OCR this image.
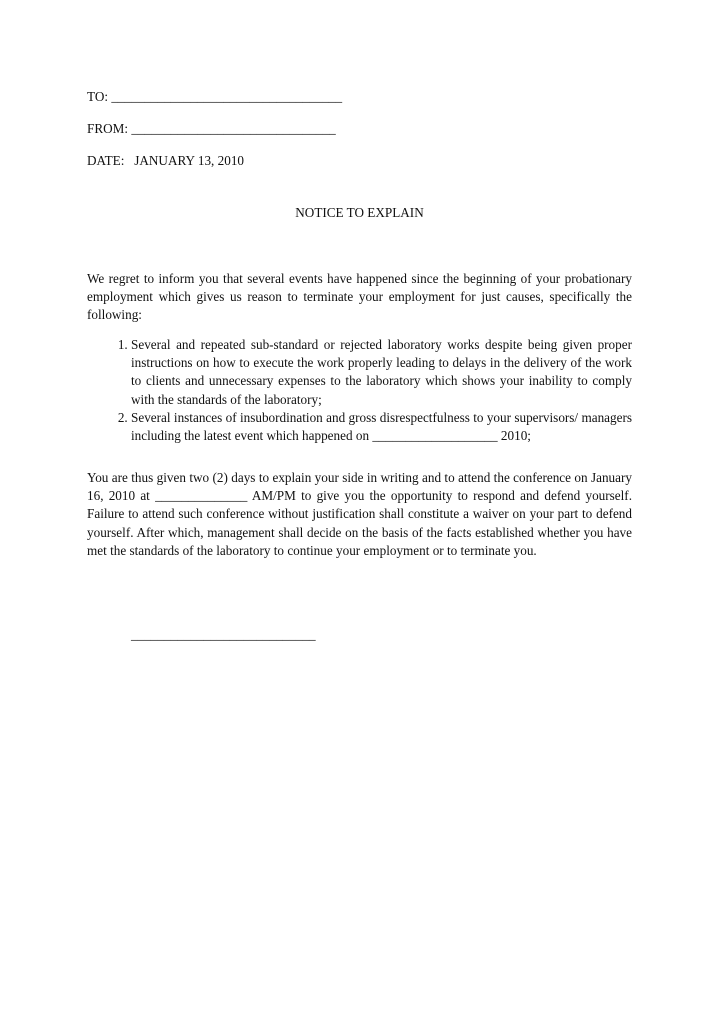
TO: ___________________________________
FROM: _______________________________
DATE: JANUARY 13, 2010
NOTICE TO EXPLAIN

We regret to inform you that several events have happened since the beginning of your probationary employment which gives us reason to terminate your employment for just causes, specifically the following:

1. Several and repeated sub-standard or rejected laboratory works despite being given proper instructions on how to execute the work properly leading to delays in the delivery of the work to clients and unnecessary expenses to the laboratory which shows your inability to comply with the standards of the laboratory;
2. Several instances of insubordination and gross disrespectfulness to your supervisors/ managers including the latest event which happened on ___________________ 2010;

You are thus given two (2) days to explain your side in writing and to attend the conference on January 16, 2010 at ______________ AM/PM to give you the opportunity to respond and defend yourself. Failure to attend such conference without justification shall constitute a waiver on your part to defend yourself. After which, management shall decide on the basis of the facts established whether you have met the standards of the laboratory to continue your employment or to terminate you.

____________________________
